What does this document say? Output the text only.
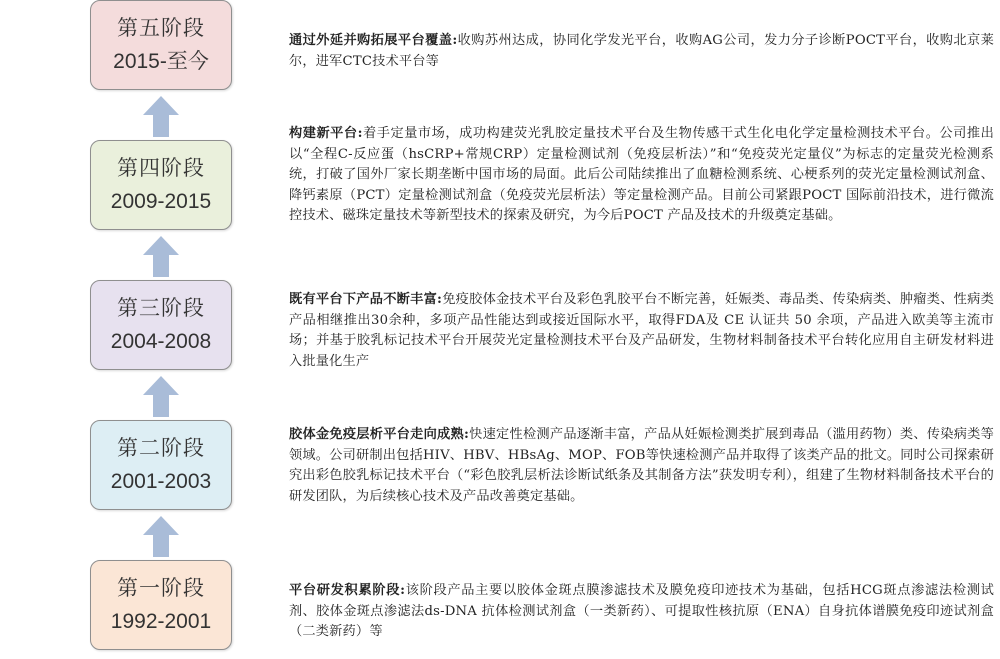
第五阶段
2015-至今
第四阶段
2009-2015
第三阶段
2004-2008
第二阶段
2001-2003
第一阶段
1992-2001
通过外延并购拓展平台覆盖:收购苏州达成，协同化学发光平台，收购AG公司，发力分子诊断POCT平台，收购北京莱尔，进军CTC技术平台等
构建新平台:着手定量市场，成功构建荧光乳胶定量技术平台及生物传感干式生化电化学定量检测技术平台。公司推出以“全程C-反应蛋（hsCRP+常规CRP）定量检测试剂（免疫层析法）”和“免疫荧光定量仪”为标志的定量荧光检测系统，打破了国外厂家长期垄断中国市场的局面。此后公司陆续推出了血糖检测系统、心梗系列的荧光定量检测试剂盒、降钙素原（PCT）定量检测试剂盒（免疫荧光层析法）等定量检测产品。目前公司紧跟POCT 国际前沿技术，进行微流控技术、磁珠定量技术等新型技术的探索及研究，为今后POCT 产品及技术的升级奠定基础。
既有平台下产品不断丰富:免疫胶体金技术平台及彩色乳胶平台不断完善，妊娠类、毒品类、传染病类、肿瘤类、性病类产品相继推出30余种，多项产品性能达到或接近国际水平，取得FDA及 CE 认证共 50 余项，产品进入欧美等主流市场；并基于胶乳标记技术平台开展荧光定量检测技术平台及产品研发，生物材料制备技术平台转化应用自主研发材料进入批量化生产
胶体金免疫层析平台走向成熟:快速定性检测产品逐渐丰富，产品从妊娠检测类扩展到毒品（滥用药物）类、传染病类等领域。公司研制出包括HIV、HBV、HBsAg、MOP、FOB等快速检测产品并取得了该类产品的批文。同时公司探索研究出彩色胶乳标记技术平台（“彩色胶乳层析法诊断试纸条及其制备方法”获发明专利），组建了生物材料制备技术平台的研发团队，为后续核心技术及产品改善奠定基础。
平台研发积累阶段:该阶段产品主要以胶体金斑点膜渗滤技术及膜免疫印迹技术为基础，包括HCG斑点渗滤法检测试剂、胶体金斑点渗滤法ds-DNA 抗体检测试剂盒（一类新药）、可提取性核抗原（ENA）自身抗体谱膜免疫印迹试剂盒（二类新药）等
